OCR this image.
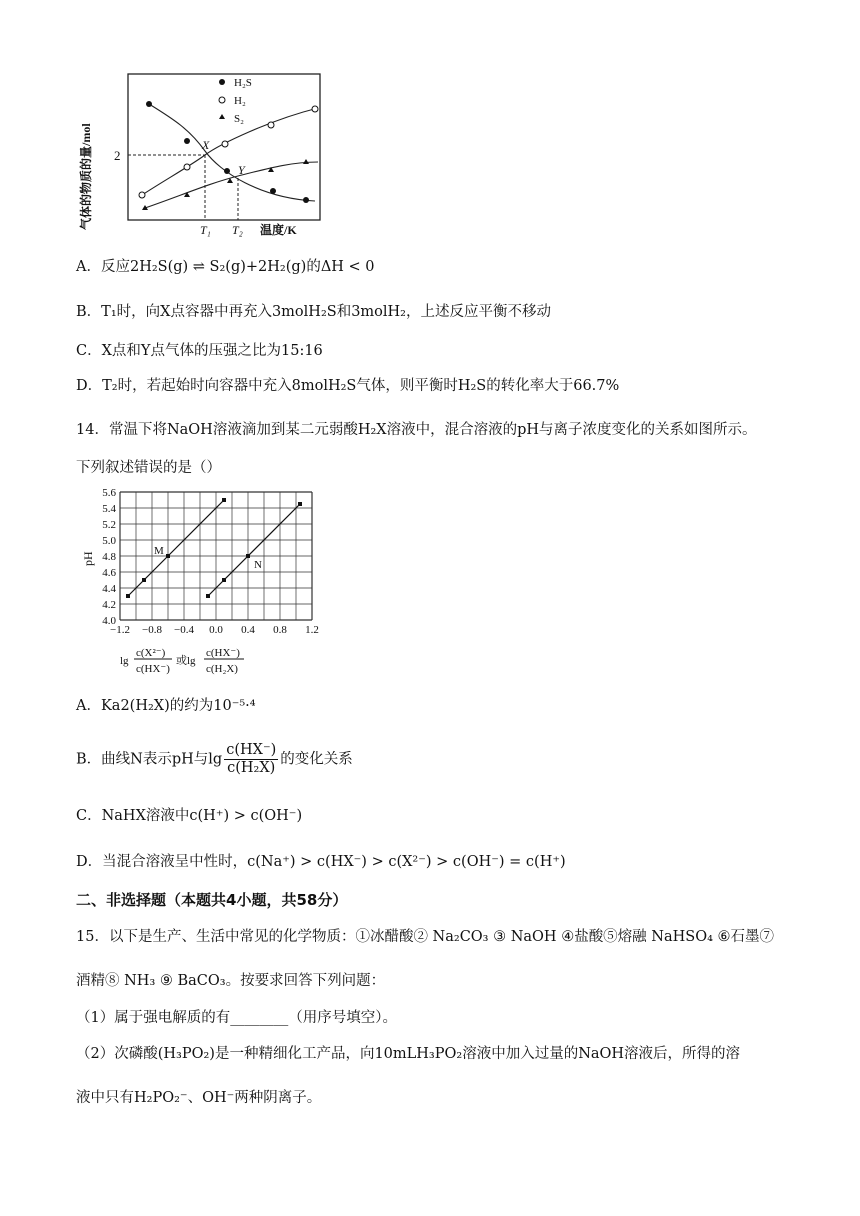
气体的物质的量/mol 2
T₁ T₂ 温度/K
X
Y
H₂S
H₂
S₂
A．反应2H₂S(g) ⇌ S₂(g)+2H₂(g)的ΔH < 0
B．T₁时，向X点容器中再充入3molH₂S和3molH₂，上述反应平衡不移动
C．X点和Y点气体的压强之比为15:16
D．T₂时，若起始时向容器中充入8molH₂S气体，则平衡时H₂S的转化率大于66.7%
14．常温下将NaOH溶液滴加到某二元弱酸H₂X溶液中，混合溶液的pH与离子浓度变化的关系如图所示。
下列叙述错误的是（）
M
N
4.0
4.2
4.4
4.6
4.8
5.0
5.2
5.4
5.6
−1.2 −0.8 −0.4 0.0 0.4 0.8 1.2
pH
lg
c(X²⁻)
c(HX⁻)
或lg
c(HX⁻)
c(H₂X)
A．Ka2(H₂X)的约为10⁻⁵·⁴
B．曲线N表示pH与$\lg \frac{c(HX^-)}{\text{c(H₂X)}}$ 的变化关系
C．NaHX溶液中c(H⁺) > c(OH⁻)
D．当混合溶液呈中性时，c(Na⁺) > c(HX⁻) > c(X²⁻) > c(OH⁻) = c(H⁺)
二、非选择题（本题共4小题，共58分）
15．以下是生产、生活中常见的化学物质：①冰醋酸② Na₂CO₃ ③ NaOH ④盐酸⑤熔融 NaHSO₄ ⑥石墨⑦
酒精⑧ NH₃ ⑨ BaCO₃。按要求回答下列问题：
（1）属于强电解质的有________（用序号填空）。
（2）次磷酸(H₃PO₂)是一种精细化工产品，向10mLH₃PO₂溶液中加入过量的NaOH溶液后，所得的溶
液中只有H₂PO₂⁻、OH⁻两种阴离子。
